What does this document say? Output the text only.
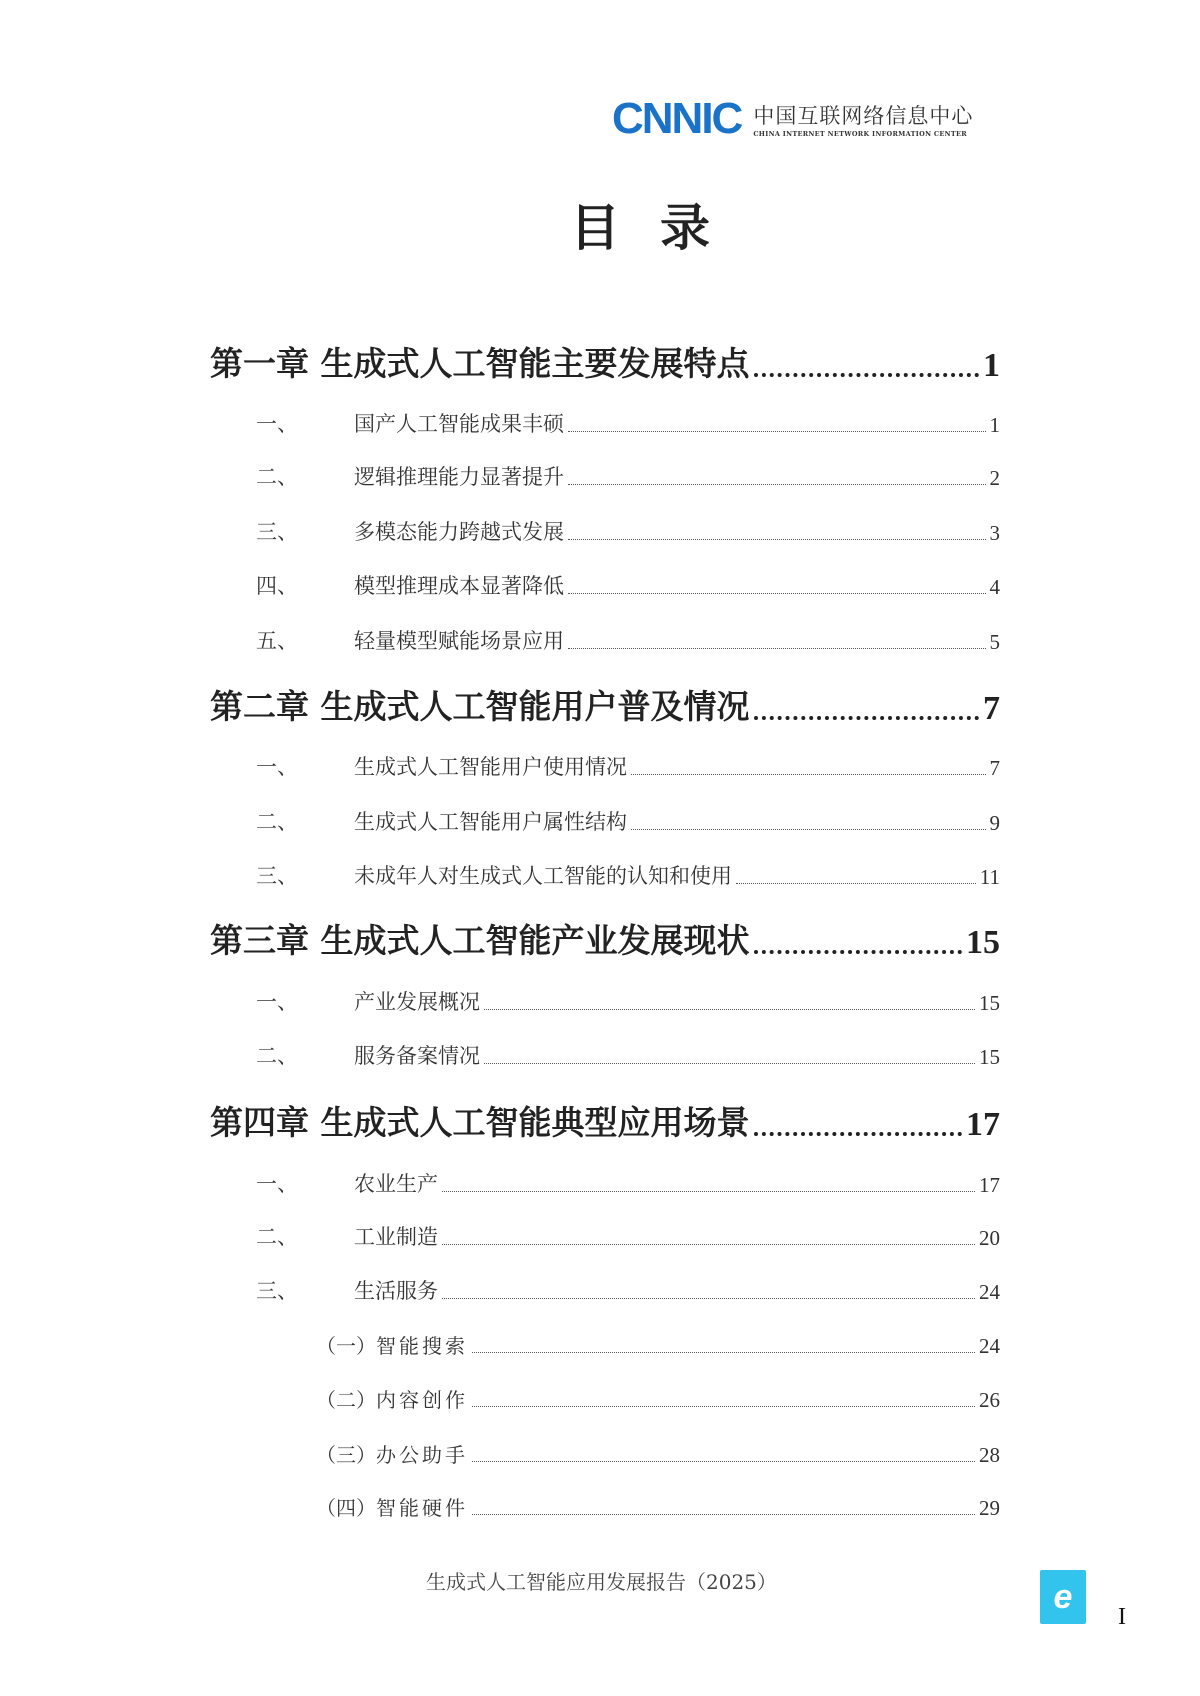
CNNIC 中国互联网络信息中心
CHINA INTERNET NETWORK INFORMATION CENTER
目录
第一章 生成式人工智能主要发展特点	1
一、	国产人工智能成果丰硕	1
二、	逻辑推理能力显著提升	2
三、	多模态能力跨越式发展	3
四、	模型推理成本显著降低	4
五、	轻量模型赋能场景应用	5
第二章 生成式人工智能用户普及情况	7
一、	生成式人工智能用户使用情况	7
二、	生成式人工智能用户属性结构	9
三、	未成年人对生成式人工智能的认知和使用	11
第三章 生成式人工智能产业发展现状	15
一、	产业发展概况	15
二、	服务备案情况	15
第四章 生成式人工智能典型应用场景	17
一、	农业生产	17
二、	工业制造	20
三、	生活服务	24
（一） 智能搜索	24
（二） 内容创作	26
（三） 办公助手	28
（四） 智能硬件	29
生成式人工智能应用发展报告（2025）	e
I
